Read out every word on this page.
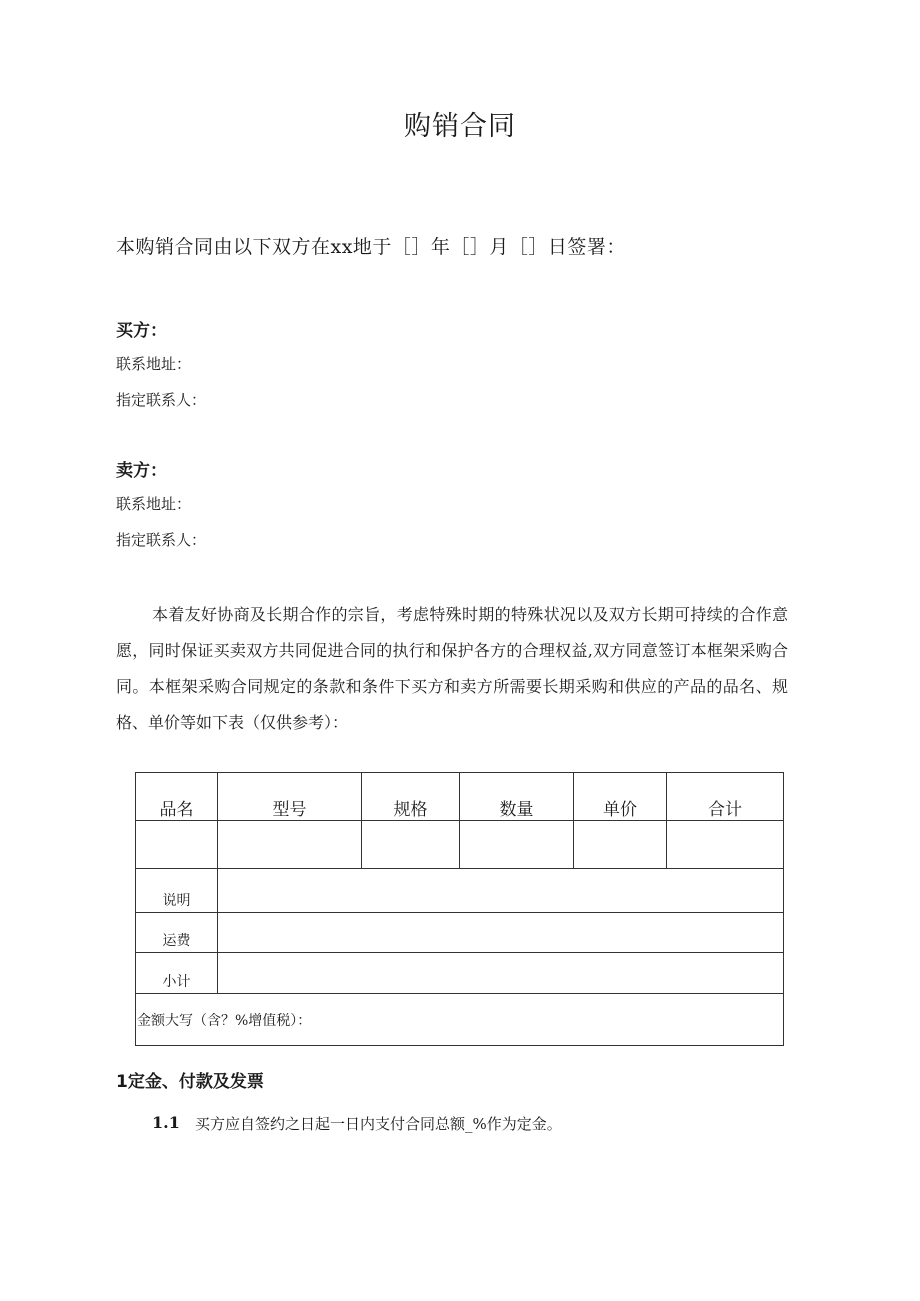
购销合同
本购销合同由以下双方在xx地于［］年［］月［］日签署：
买方：
联系地址：
指定联系人：
卖方：
联系地址：
指定联系人：
本着友好协商及长期合作的宗旨，考虑特殊时期的特殊状况以及双方长期可持续的合作意愿，同时保证买卖双方共同促进合同的执行和保护各方的合理权益,双方同意签订本框架采购合同。本框架采购合同规定的条款和条件下买方和卖方所需要长期采购和供应的产品的品名、规格、单价等如下表（仅供参考）：
品名	型号	规格	数量	单价	合计

说明					
运费					
小计					
金额大写（含？%增值税）：					
1定金、付款及发票
1.1 买方应自签约之日起一日内支付合同总额_%作为定金。
